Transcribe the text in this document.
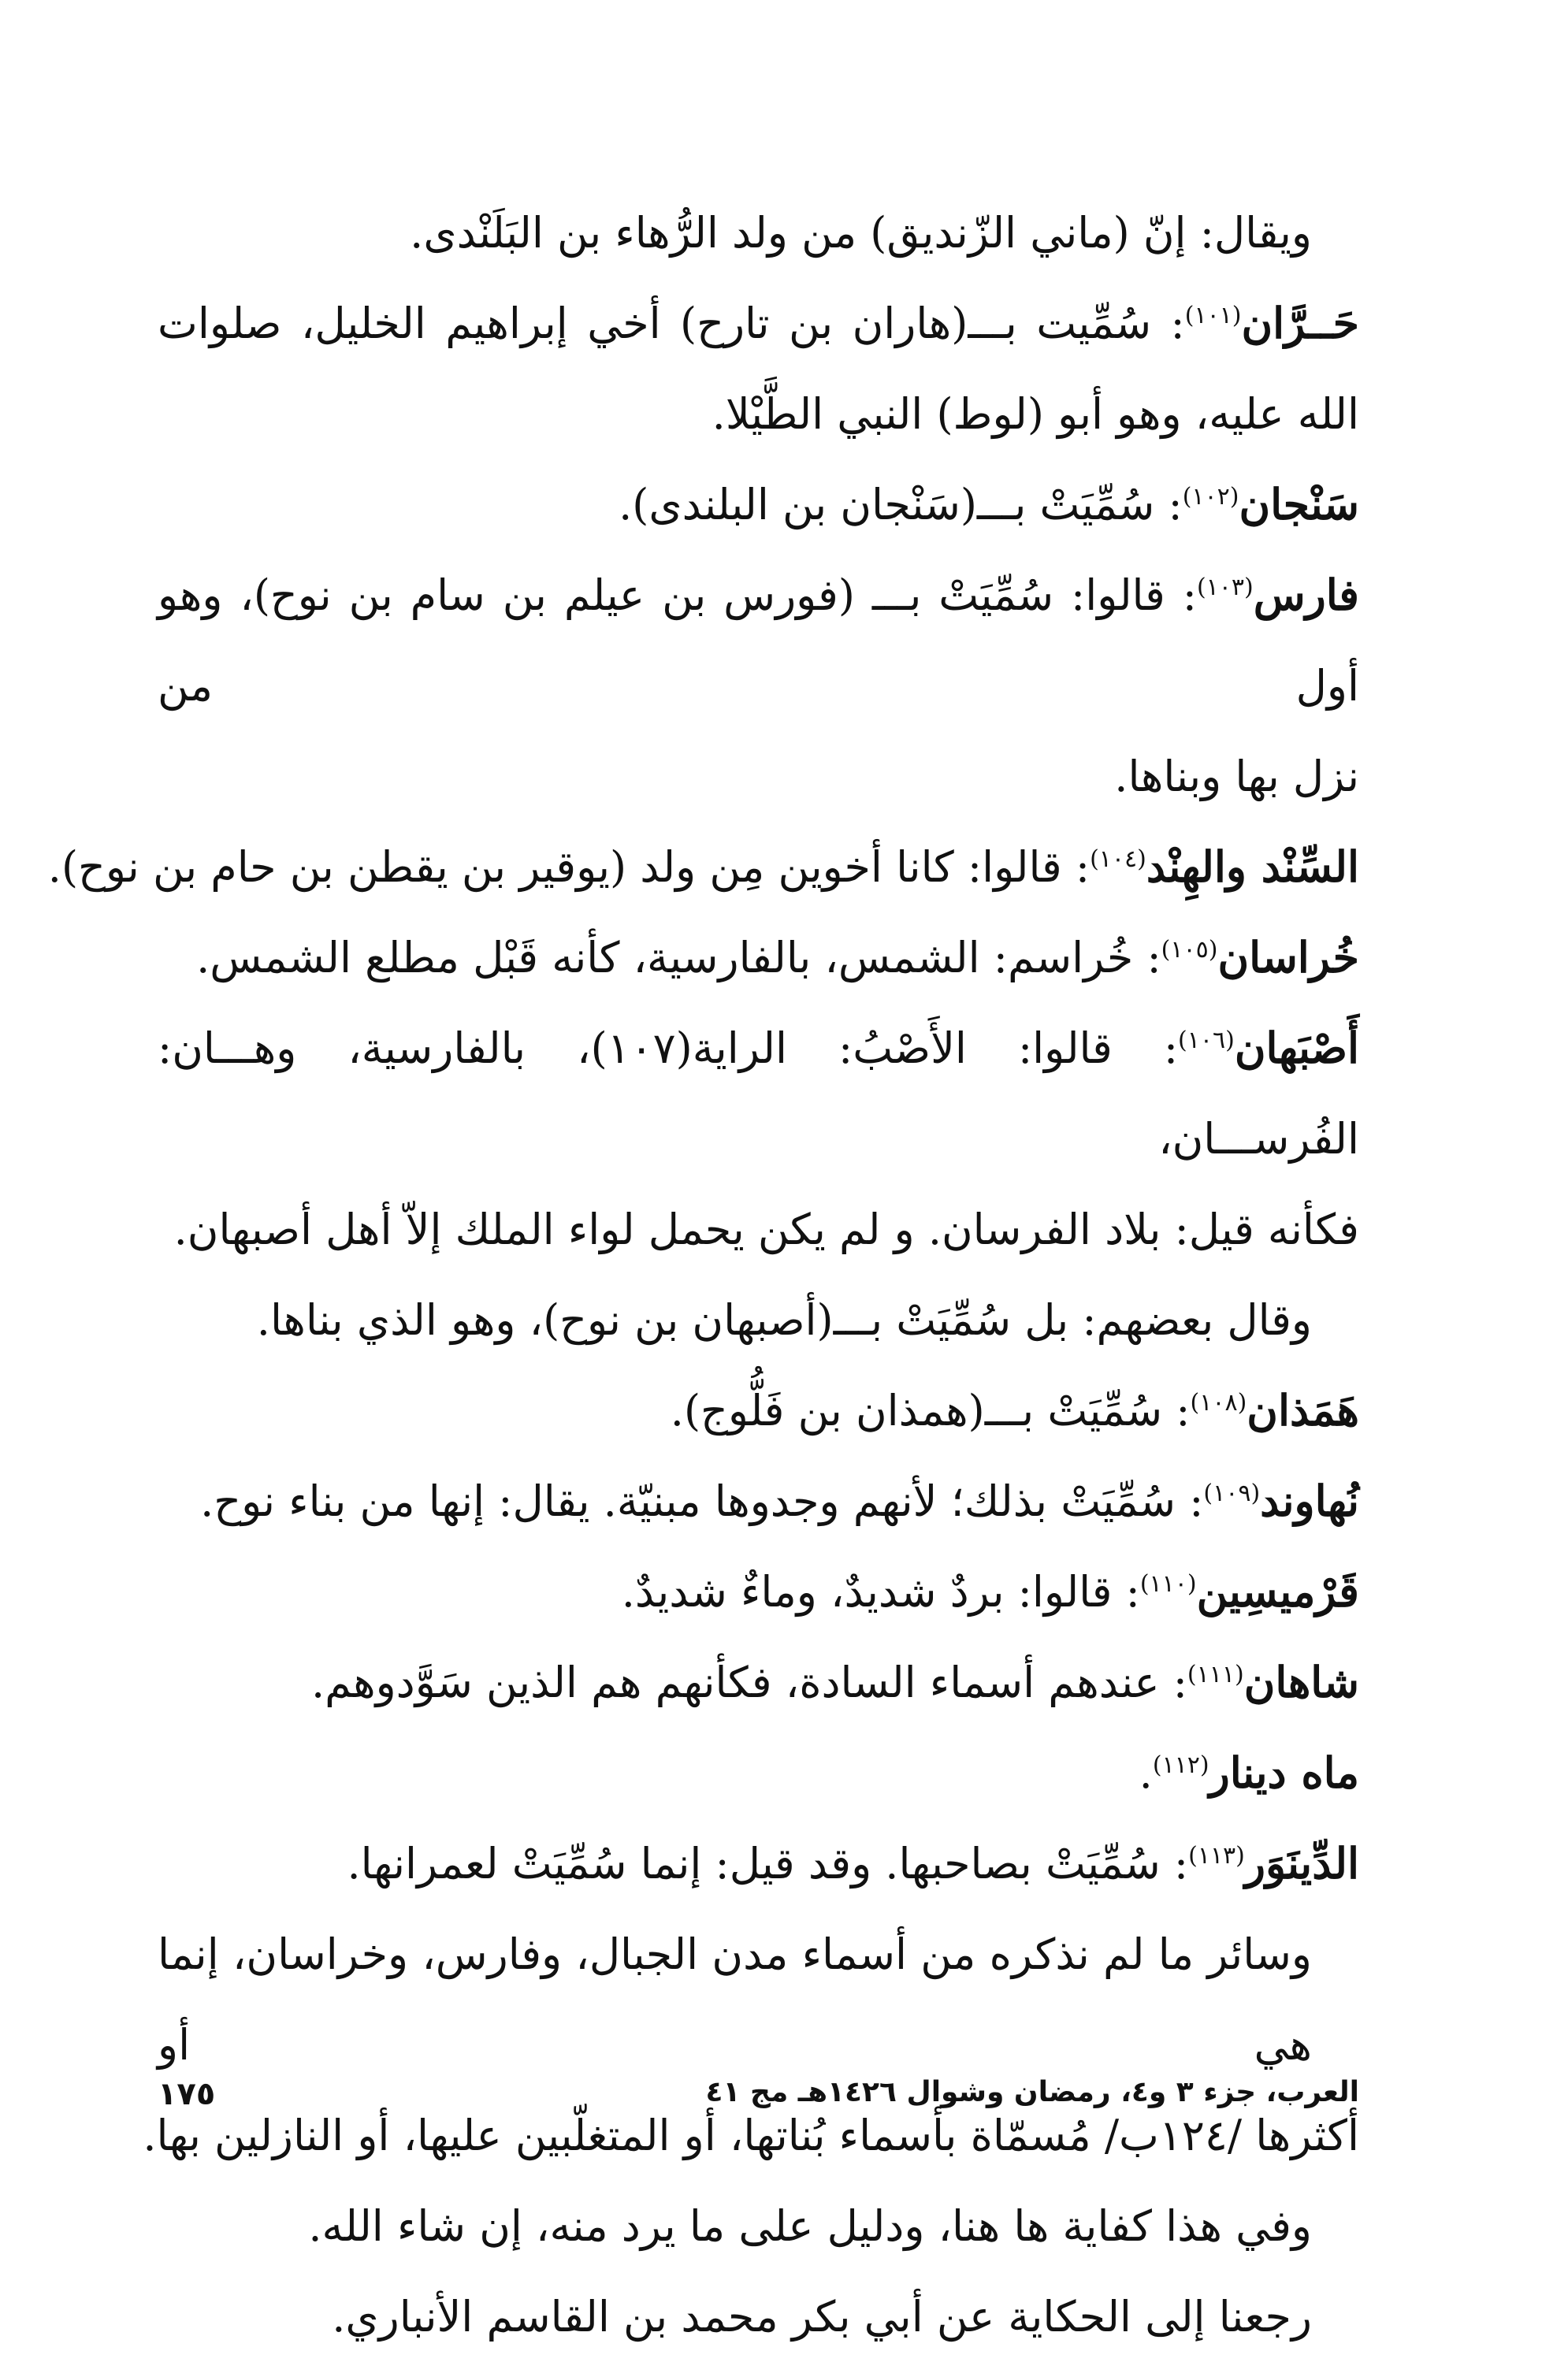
ويقال: إنّ (ماني الزّنديق) من ولد الرُّهاء بن البَلَنْدى.
حَــرَّان$^{(١٠١)}$: سُمِّيت بـــ(هاران بن تارح) أخي إبراهيم الخليل، صلوات
الله عليه، وهو أبو (لوط) النبي الطَّيْلا.
سَنْجان$^{(١٠٢)}$: سُمِّيَتْ بـــ(سَنْجان بن البلندى).
فارس$^{(١٠٣)}$: قالوا: سُمِّيَتْ بـــ (فورس بن عيلم بن سام بن نوح)، وهو أول من
نزل بها وبناها.
السِّنْد والهِنْد$^{(١٠٤)}$: قالوا: كانا أخوين مِن ولد (يوقير بن يقطن بن حام بن نوح).
خُراسان$^{(١٠٥)}$: خُراسم: الشمس، بالفارسية، كأنه قَبْل مطلع الشمس.
أَصْبَهان$^{(١٠٦)}$: قالوا: الأَصْبُ: الراية(١٠٧)، بالفارسية، وهـــان: الفُرســـان،
فكأنه قيل: بلاد الفرسان. و لم يكن يحمل لواء الملك إلاّ أهل أصبهان.
وقال بعضهم: بل سُمِّيَتْ بـــ(أصبهان بن نوح)، وهو الذي بناها.
هَمَذان$^{(١٠٨)}$: سُمِّيَتْ بـــ(همذان بن فَلُّوج).
نُهاوند$^{(١٠٩)}$: سُمِّيَتْ بذلك؛ لأنهم وجدوها مبنيّة. يقال: إنها من بناء نوح.
قَرْميسِين$^{(١١٠)}$: قالوا: بردٌ شديدٌ، وماءٌ شديدٌ.
شاهان$^{(١١١)}$: عندهم أسماء السادة، فكأنهم هم الذين سَوَّدوهم.
ماه دينار$^{(١١٢)}$.
الدِّينَوَر$^{(١١٣)}$: سُمِّيَتْ بصاحبها. وقد قيل: إنما سُمِّيَتْ لعمرانها.
وسائر ما لم نذكره من أسماء مدن الجبال، وفارس، وخراسان، إنما هي أو
أكثرها /١٢٤ب/ مُسمّاة بأسماء بُناتها، أو المتغلّبين عليها، أو النازلين بها.
وفي هذا كفاية ها هنا، ودليل على ما يرد منه، إن شاء الله.
رجعنا إلى الحكاية عن أبي بكر محمد بن القاسم الأنباري.
العرب، جزء ٣ و٤، رمضان وشوال ١٤٢٦هـ مج ٤١
١٧٥
